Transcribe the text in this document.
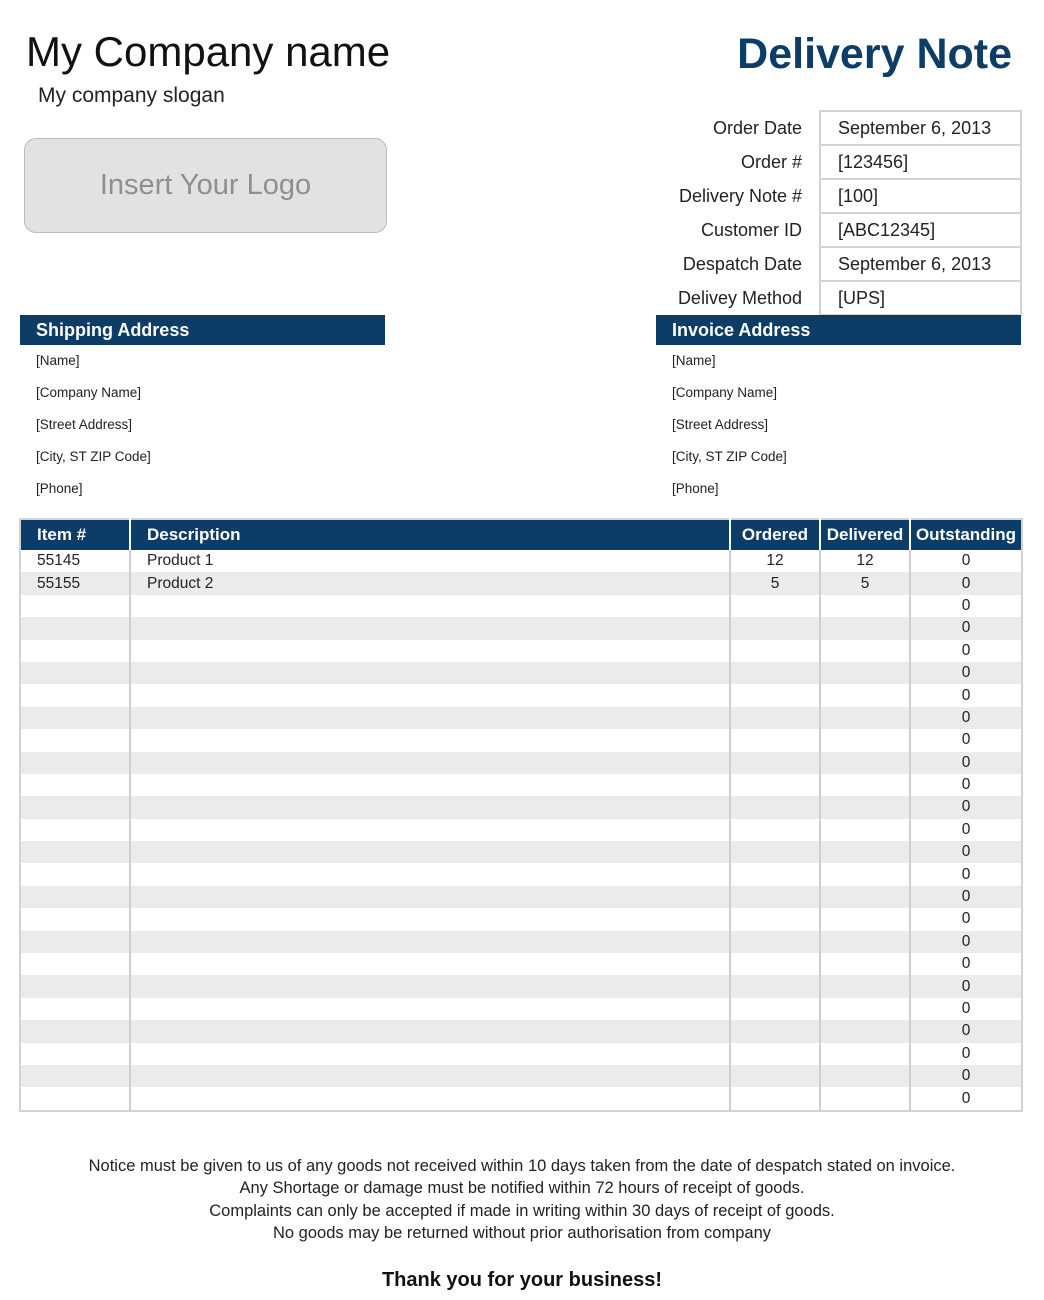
My Company name
My company slogan
Insert Your Logo
Delivery Note
Order Date	September 6, 2013
Order #	[123456]
Delivery Note #	[100]
Customer ID	[ABC12345]
Despatch Date	September 6, 2013
Delivey Method	[UPS]
Shipping Address
[Name]
[Company Name]
[Street Address]
[City, ST ZIP Code]
[Phone]
Invoice Address
[Name]
[Company Name]
[Street Address]
[City, ST ZIP Code]
[Phone]
Item #	Description	Ordered	Delivered	Outstanding
55145	Product 1	12	12	0
55155	Product 2	5	5	0
				0
				0
				0
				0
				0
				0
				0
				0
				0
				0
				0
				0
				0
				0
				0
				0
				0
				0
				0
				0
				0
				0
				0
Notice must be given to us of any goods not received within 10 days taken from the date of despatch stated on invoice.
Any Shortage or damage must be notified within 72 hours of receipt of goods.
Complaints can only be accepted if made in writing within 30 days of receipt of goods.
No goods may be returned without prior authorisation from company
Thank you for your business!
